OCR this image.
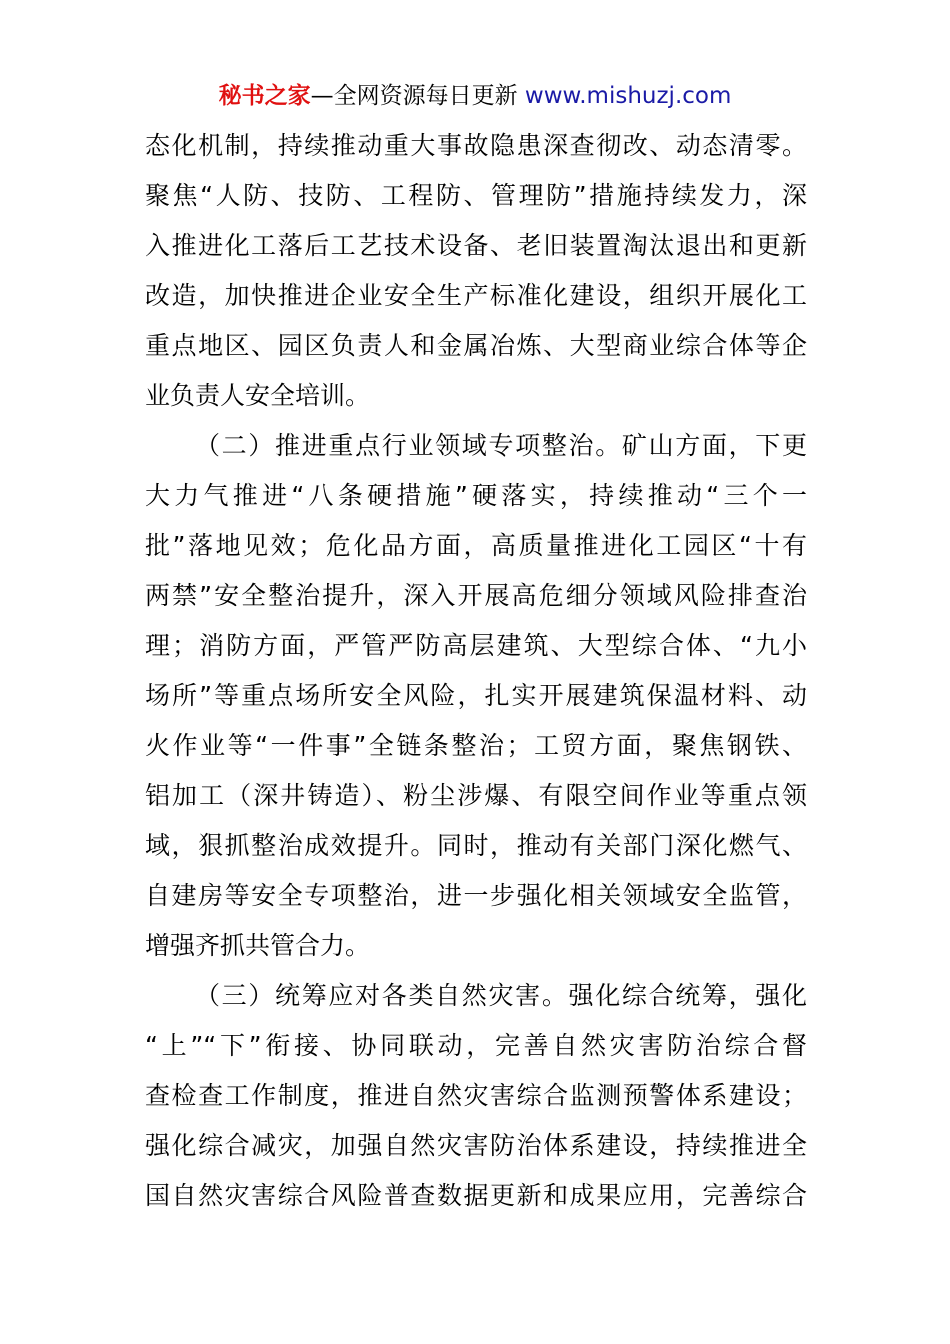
秘书之家—全网资源每日更新 www.mishuzj.com
态化机制，持续推动重大事故隐患深查彻改、动态清零。
聚焦“人防、技防、工程防、管理防”措施持续发力，深
入推进化工落后工艺技术设备、老旧装置淘汰退出和更新
改造，加快推进企业安全生产标准化建设，组织开展化工
重点地区、园区负责人和金属冶炼、大型商业综合体等企
业负责人安全培训。
（二）推进重点行业领域专项整治。矿山方面，下更
大力气推进“八条硬措施”硬落实，持续推动“三个一
批”落地见效；危化品方面，高质量推进化工园区“十有
两禁”安全整治提升，深入开展高危细分领域风险排查治
理；消防方面，严管严防高层建筑、大型综合体、“九小
场所”等重点场所安全风险，扎实开展建筑保温材料、动
火作业等“一件事”全链条整治；工贸方面，聚焦钢铁、
铝加工（深井铸造）、粉尘涉爆、有限空间作业等重点领
域，狠抓整治成效提升。同时，推动有关部门深化燃气、
自建房等安全专项整治，进一步强化相关领域安全监管，
增强齐抓共管合力。
（三）统筹应对各类自然灾害。强化综合统筹，强化
“上”“下”衔接、协同联动，完善自然灾害防治综合督
查检查工作制度，推进自然灾害综合监测预警体系建设；
强化综合减灾，加强自然灾害防治体系建设，持续推进全
国自然灾害综合风险普查数据更新和成果应用，完善综合
